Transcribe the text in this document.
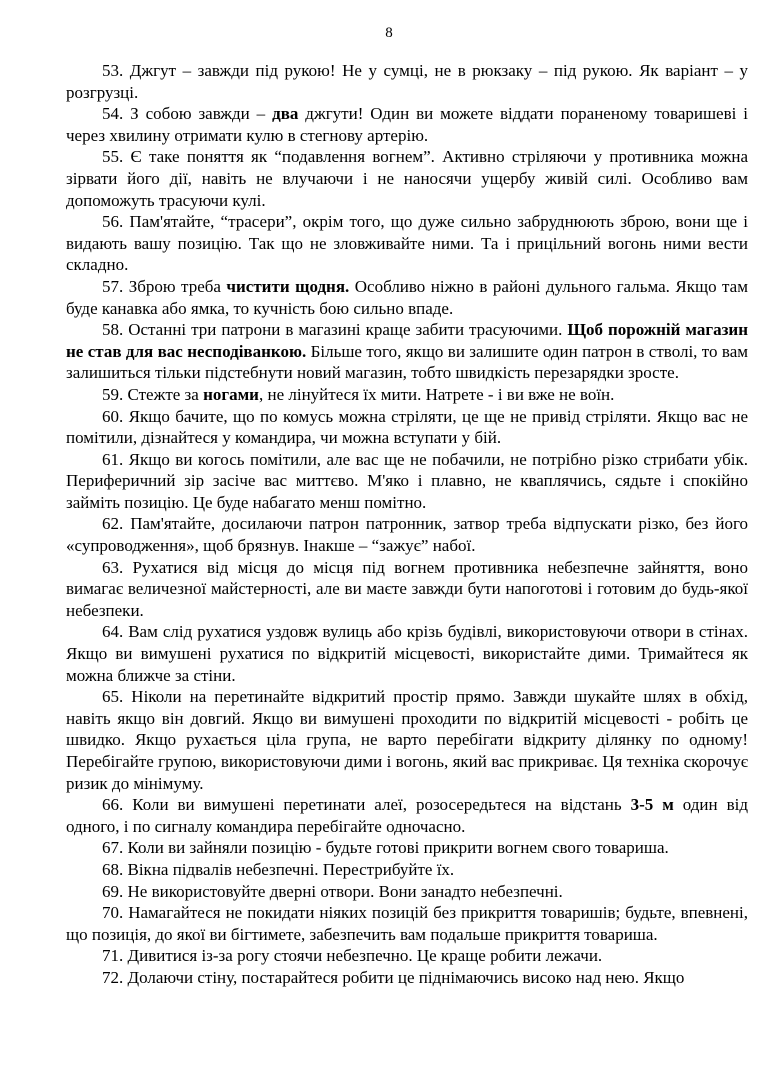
8

53. Джгут – завжди під рукою! Не у сумці, не в рюкзаку – під рукою. Як варіант – у розгрузці.

54. З собою завжди – два джгути! Один ви можете віддати пораненому товаришеві і через хвилину отримати кулю в стегнову артерію.

55. Є таке поняття як “подавлення вогнем”. Активно стріляючи у противника можна зірвати його дії, навіть не влучаючи і не наносячи ущербу живій силі. Особливо вам допоможуть трасуючи кулі.

56. Пам'ятайте, “трасери”, окрім того, що дуже сильно забруднюють зброю, вони ще і видають вашу позицію. Так що не зловживайте ними. Та і прицільний вогонь ними вести складно.

57. Зброю треба чистити щодня. Особливо ніжно в районі дульного гальма. Якщо там буде канавка або ямка, то кучність бою сильно впаде.

58. Останні три патрони в магазині краще забити трасуючими. Щоб порожній магазин не став для вас несподіванкою. Більше того, якщо ви залишите один патрон в стволі, то вам залишиться тільки підстебнути новий магазин, тобто швидкість перезарядки зросте.

59. Стежте за ногами, не лінуйтеся їх мити. Натрете - і ви вже не воїн.

60. Якщо бачите, що по комусь можна стріляти, це ще не привід стріляти. Якщо вас не помітили, дізнайтеся у командира, чи можна вступати у бій.

61. Якщо ви когось помітили, але вас ще не побачили, не потрібно різко стрибати убік. Периферичний зір засіче вас миттєво. М'яко і плавно, не кваплячись, сядьте і спокійно займіть позицію. Це буде набагато менш помітно.

62. Пам'ятайте, досилаючи патрон патронник, затвор треба відпускати різко, без його «супроводження», щоб брязнув. Інакше – “зажує” набої.

63. Рухатися від місця до місця під вогнем противника небезпечне зайняття, воно вимагає величезної майстерності, але ви маєте завжди бути напоготові і готовим до будь-якої небезпеки.

64. Вам слід рухатися уздовж вулиць або крізь будівлі, використовуючи отвори в стінах. Якщо ви вимушені рухатися по відкритій місцевості, використайте дими. Тримайтеся як можна ближче за стіни.

65. Ніколи на перетинайте відкритий простір прямо. Завжди шукайте шлях в обхід, навіть якщо він довгий. Якщо ви вимушені проходити по відкритій місцевості - робіть це швидко. Якщо рухається ціла група, не варто перебігати відкриту ділянку по одному! Перебігайте групою, використовуючи дими і вогонь, який вас прикриває. Ця техніка скорочує ризик до мінімуму.

66. Коли ви вимушені перетинати алеї, розосередьтеся на відстань 3-5 м один від одного, і по сигналу командира перебігайте одночасно.

67. Коли ви зайняли позицію - будьте готові прикрити вогнем свого товариша.

68. Вікна підвалів небезпечні. Перестрибуйте їх.

69. Не використовуйте дверні отвори. Вони занадто небезпечні.

70. Намагайтеся не покидати ніяких позицій без прикриття товаришів; будьте, впевнені, що позиція, до якої ви бігтимете, забезпечить вам подальше прикриття товариша.

71. Дивитися із-за рогу стоячи небезпечно. Це краще робити лежачи.

72. Долаючи стіну, постарайтеся робити це піднімаючись високо над нею. Якщо
